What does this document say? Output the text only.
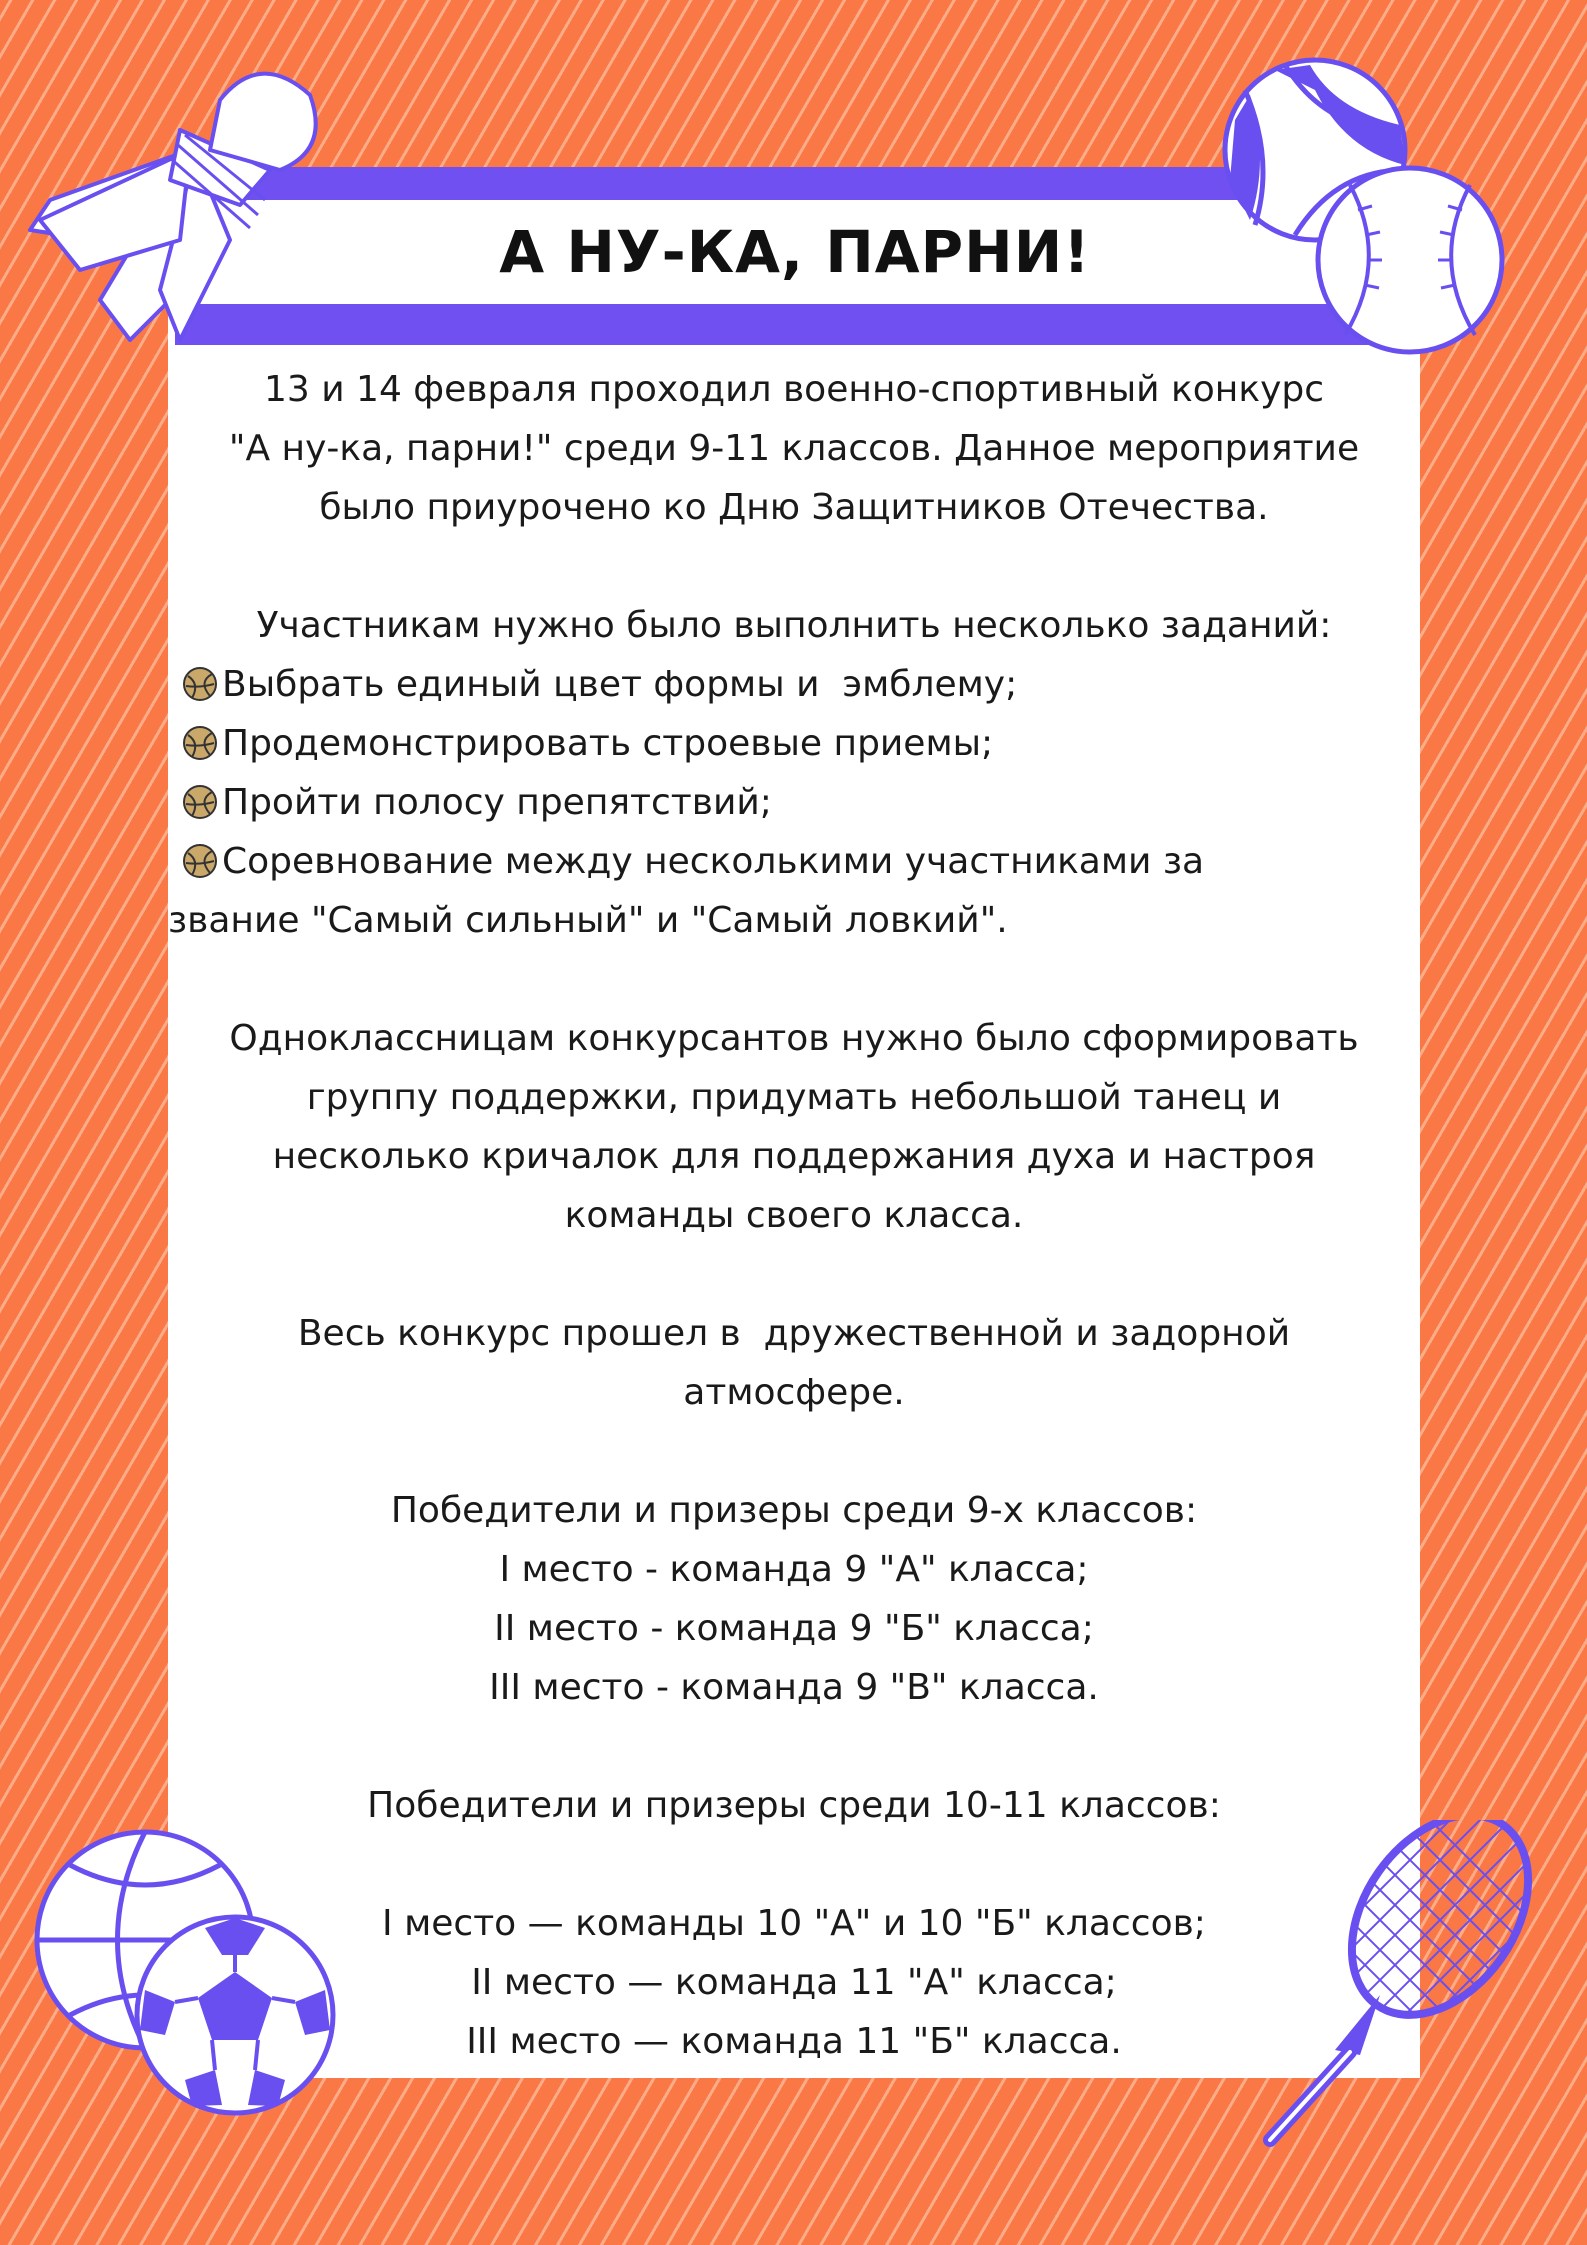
А НУ-КА, ПАРНИ!

13 и 14 февраля проходил военно-спортивный конкурс

"А ну-ка, парни!" среди 9-11 классов. Данное мероприятие

было приурочено ко Дню Защитников Отечества.

Участникам нужно было выполнить несколько заданий:

Выбрать единый цвет формы и  эмблему;

Продемонстрировать строевые приемы;

Пройти полосу препятствий;

Соревнование между несколькими участниками за

звание "Самый сильный" и "Самый ловкий".

Одноклассницам конкурсантов нужно было сформировать

группу поддержки, придумать небольшой танец и

несколько кричалок для поддержания духа и настроя

команды своего класса.

Весь конкурс прошел в  дружественной и задорной

атмосфере.

Победители и призеры среди 9-х классов:

I место - команда 9 "А" класса;

II место - команда 9 "Б" класса;

III место - команда 9 "В" класса.

Победители и призеры среди 10-11 классов:

I место — команды 10 "А" и 10 "Б" классов;

II место — команда 11 "А" класса;

III место — команда 11 "Б" класса.
